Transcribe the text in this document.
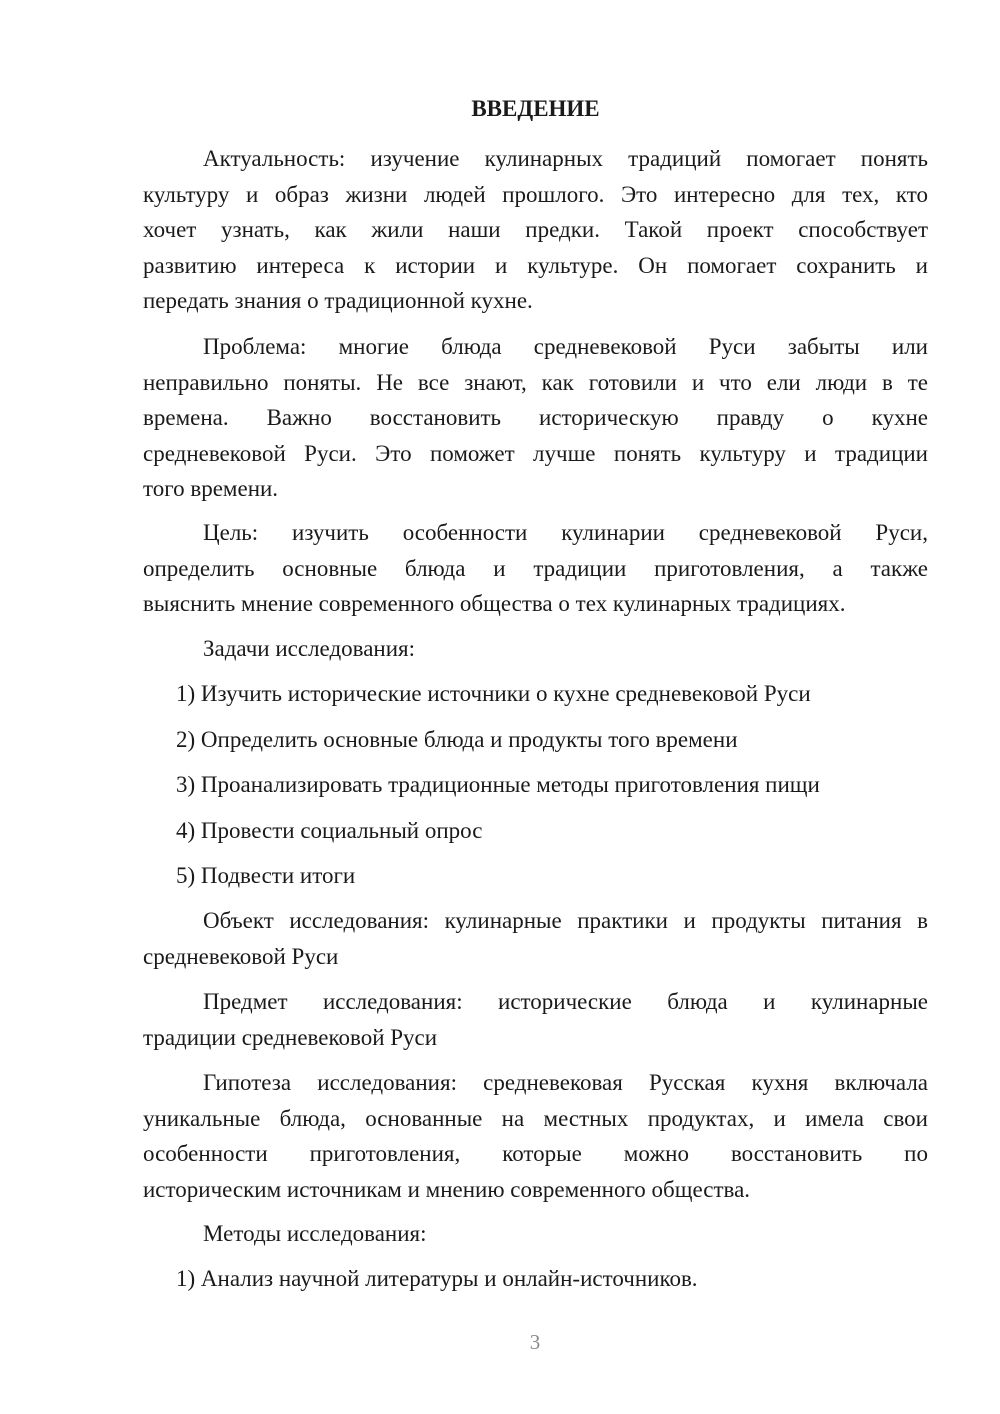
ВВЕДЕНИЕ
Актуальность: изучение кулинарных традиций помогает понять
культуру и образ жизни людей прошлого. Это интересно для тех, кто
хочет узнать, как жили наши предки. Такой проект способствует
развитию интереса к истории и культуре. Он помогает сохранить и
передать знания о традиционной кухне.
Проблема: многие блюда средневековой Руси забыты или
неправильно поняты. Не все знают, как готовили и что ели люди в те
времена. Важно восстановить историческую правду о кухне
средневековой Руси. Это поможет лучше понять культуру и традиции
того времени.
Цель: изучить особенности кулинарии средневековой Руси,
определить основные блюда и традиции приготовления, а также
выяснить мнение современного общества о тех кулинарных традициях.
Задачи исследования:
1) Изучить исторические источники о кухне средневековой Руси
2) Определить основные блюда и продукты того времени
3) Проанализировать традиционные методы приготовления пищи
4) Провести социальный опрос
5) Подвести итоги
Объект исследования: кулинарные практики и продукты питания в
средневековой Руси
Предмет исследования: исторические блюда и кулинарные
традиции средневековой Руси
Гипотеза исследования: средневековая Русская кухня включала
уникальные блюда, основанные на местных продуктах, и имела свои
особенности приготовления, которые можно восстановить по
историческим источникам и мнению современного общества.
Методы исследования:
1) Анализ научной литературы и онлайн-источников.
3
